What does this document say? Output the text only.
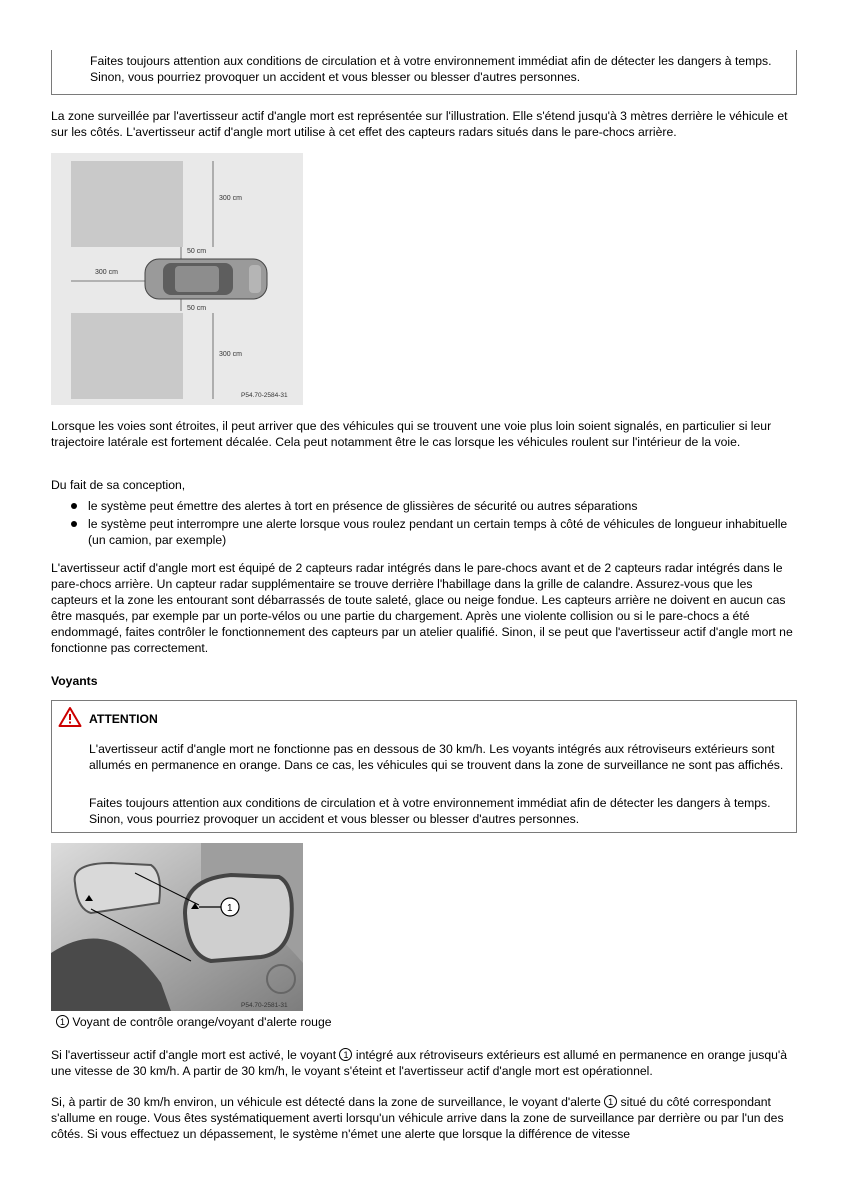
Faites toujours attention aux conditions de circulation et à votre environnement immédiat afin de détecter les dangers à temps. Sinon, vous pourriez provoquer un accident et vous blesser ou blesser d'autres personnes.

La zone surveillée par l'avertisseur actif d'angle mort est représentée sur l'illustration. Elle s'étend jusqu'à 3 mètres derrière le véhicule et sur les côtés. L'avertisseur actif d'angle mort utilise à cet effet des capteurs radars situés dans le pare-chocs arrière.

300 cm
50 cm
300 cm
50 cm
300 cm
P54.70-2584-31

Lorsque les voies sont étroites, il peut arriver que des véhicules qui se trouvent une voie plus loin soient signalés, en particulier si leur trajectoire latérale est fortement décalée. Cela peut notamment être le cas lorsque les véhicules roulent sur l'intérieur de la voie.

Du fait de sa conception,

le système peut émettre des alertes à tort en présence de glissières de sécurité ou autres séparations
le système peut interrompre une alerte lorsque vous roulez pendant un certain temps à côté de véhicules de longueur inhabituelle (un camion, par exemple)

L'avertisseur actif d'angle mort est équipé de 2 capteurs radar intégrés dans le pare-chocs avant et de 2 capteurs radar intégrés dans le pare-chocs arrière. Un capteur radar supplémentaire se trouve derrière l'habillage dans la grille de calandre. Assurez-vous que les capteurs et la zone les entourant sont débarrassés de toute saleté, glace ou neige fondue. Les capteurs arrière ne doivent en aucun cas être masqués, par exemple par un porte-vélos ou une partie du chargement. Après une violente collision ou si le pare-chocs a été endommagé, faites contrôler le fonctionnement des capteurs par un atelier qualifié. Sinon, il se peut que l'avertisseur actif d'angle mort ne fonctionne pas correctement.

Voyants

ATTENTION
L'avertisseur actif d'angle mort ne fonctionne pas en dessous de 30 km/h. Les voyants intégrés aux rétroviseurs extérieurs sont allumés en permanence en orange. Dans ce cas, les véhicules qui se trouvent dans la zone de surveillance ne sont pas affichés.
Faites toujours attention aux conditions de circulation et à votre environnement immédiat afin de détecter les dangers à temps. Sinon, vous pourriez provoquer un accident et vous blesser ou blesser d'autres personnes.
1
P54.70-2581-31

1 Voyant de contrôle orange/voyant d'alerte rouge

Si l'avertisseur actif d'angle mort est activé, le voyant 1 intégré aux rétroviseurs extérieurs est allumé en permanence en orange jusqu'à une vitesse de 30 km/h. A partir de 30 km/h, le voyant s'éteint et l'avertisseur actif d'angle mort est opérationnel.

Si, à partir de 30 km/h environ, un véhicule est détecté dans la zone de surveillance, le voyant d'alerte 1 situé du côté correspondant s'allume en rouge. Vous êtes systématiquement averti lorsqu'un véhicule arrive dans la zone de surveillance par derrière ou par l'un des côtés. Si vous effectuez un dépassement, le système n'émet une alerte que lorsque la différence de vitesse
